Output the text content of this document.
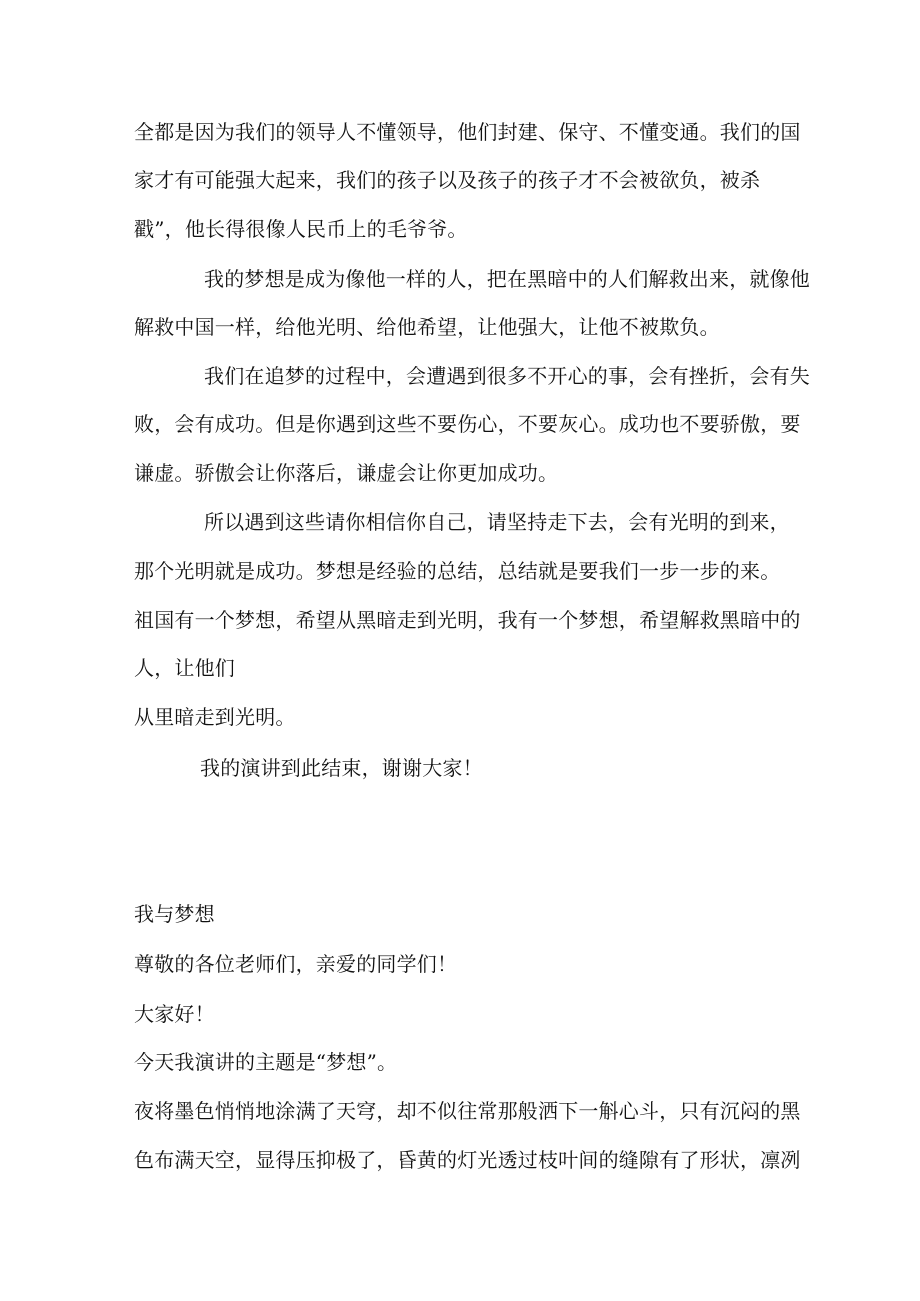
全都是因为我们的领导人不懂领导，他们封建、保守、不懂变通。我们的国
家才有可能强大起来，我们的孩子以及孩子的孩子才不会被欲负，被杀
戳”，他长得很像人民币上的毛爷爷。
我的梦想是成为像他一样的人，把在黑暗中的人们解救出来，就像他
解救中国一样，给他光明、给他希望，让他强大，让他不被欺负。
我们在追梦的过程中，会遭遇到很多不开心的事，会有挫折，会有失
败，会有成功。但是你遇到这些不要伤心，不要灰心。成功也不要骄傲，要
谦虚。骄傲会让你落后，谦虚会让你更加成功。
所以遇到这些请你相信你自己，请坚持走下去，会有光明的到来，
那个光明就是成功。梦想是经验的总结，总结就是要我们一步一步的来。
祖国有一个梦想，希望从黑暗走到光明，我有一个梦想，希望解救黑暗中的
人，让他们
从里暗走到光明。
我的演讲到此结束，谢谢大家！
我与梦想
尊敬的各位老师们，亲爱的同学们！
大家好！
今天我演讲的主题是“梦想”。
夜将墨色悄悄地涂满了天穹，却不似往常那般洒下一斛心斗，只有沉闷的黑
色布满天空，显得压抑极了，昏黄的灯光透过枝叶间的缝隙有了形状，凛冽
